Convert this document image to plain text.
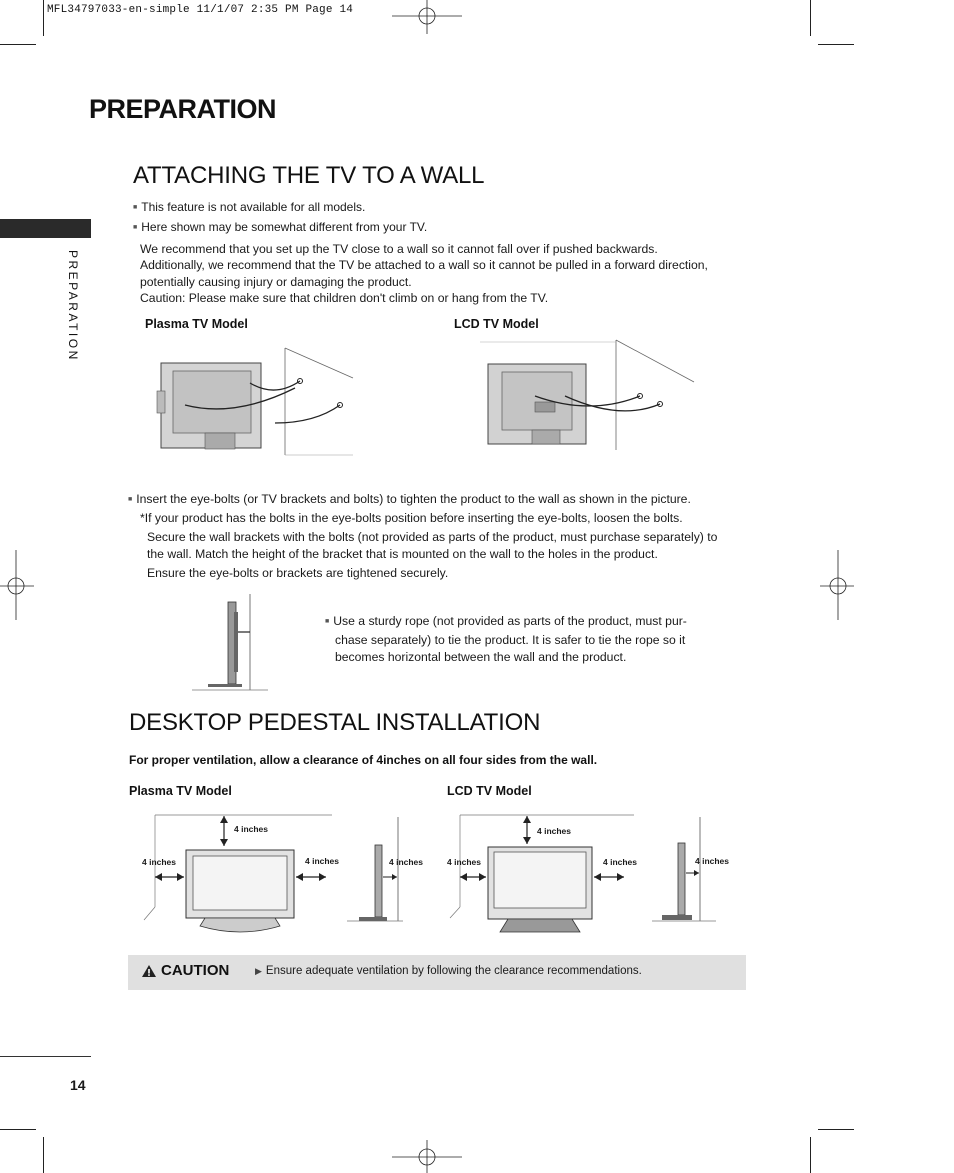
MFL34797033-en-simple 11/1/07 2:35 PM Page 14
PREPARATION
PREPARATION
ATTACHING THE TV TO A WALL
■ This feature is not available for all models.
■ Here shown may be somewhat different from your TV.
We recommend that you set up the TV close to a wall so it cannot fall over if pushed backwards.
Additionally, we recommend that the TV be attached to a wall so it cannot be pulled in a forward direction,
potentially causing injury or damaging the product.
Caution: Please make sure that children don't climb on or hang from the TV.
Plasma TV Model	LCD TV Model
■ Insert the eye-bolts (or TV brackets and bolts) to tighten the product to the wall as shown in the picture.
*If your product has the bolts in the eye-bolts position before inserting the eye-bolts, loosen the bolts.
Secure the wall brackets with the bolts (not provided as parts of the product, must purchase separately) to
the wall. Match the height of the bracket that is mounted on the wall to the holes in the product.
Ensure the eye-bolts or brackets are tightened securely.
■ Use a sturdy rope (not provided as parts of the product, must pur-
chase separately) to tie the product. It is safer to tie the rope so it
becomes horizontal between the wall and the product.
DESKTOP PEDESTAL INSTALLATION
For proper ventilation, allow a clearance of 4inches on all four sides from the wall.
Plasma TV Model	LCD TV Model
4 inches
4 inches	4 inches	4 inches
4 inches
4 inches	4 inches	4 inches
CAUTION	▶ Ensure adequate ventilation by following the clearance recommendations.
14
